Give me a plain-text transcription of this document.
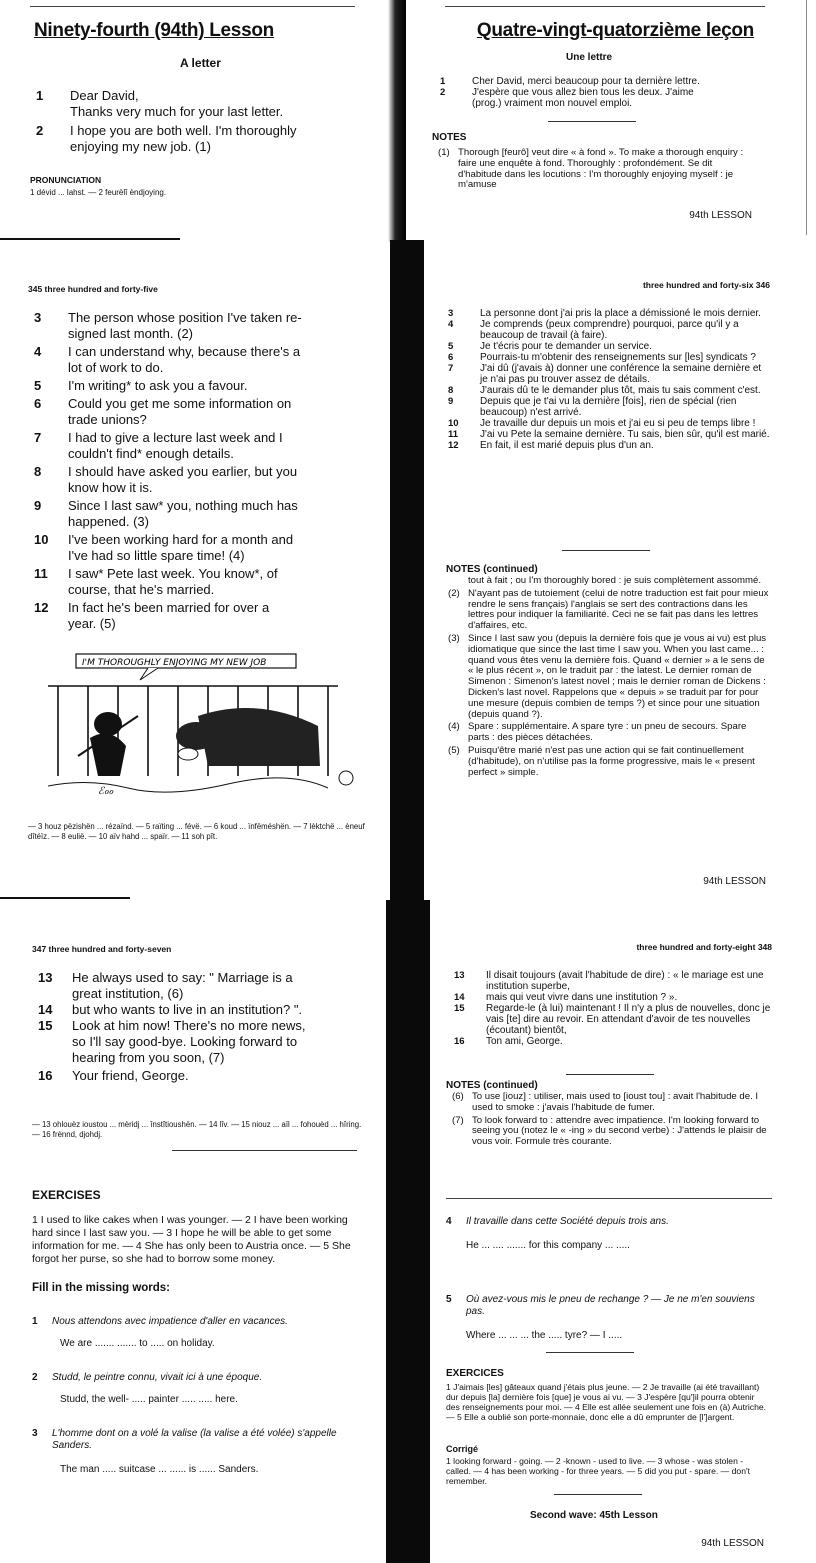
Ninety-fourth (94th) Lesson
A letter
1	Dear David,
Thanks very much for your last letter.
2	I hope you are both well. I'm thoroughly
enjoying my new job. (1)
PRONUNCIATION
1 dévid ... lahst. — 2 feurèlî èndjoying.
Quatre-vingt-quatorzième leçon
Une lettre
1	Cher David, merci beaucoup pour ta dernière lettre.
2	J'espère que vous allez bien tous les deux. J'aime
(prog.) vraiment mon nouvel emploi.
NOTES
(1) Thorough [feurô] veut dire « à fond ». To make a thorough enquiry : faire une enquête à fond. Thoroughly : profondément. Se dit d'habitude dans les locutions : I'm thoroughly enjoying myself : je m'amuse
94th LESSON
345 three hundred and forty-five
3	The person whose position I've taken re-
signed last month. (2)
4	I can understand why, because there's a
lot of work to do.
5	I'm writing* to ask you a favour.
6	Could you get me some information on
trade unions?
7	I had to give a lecture last week and I
couldn't find* enough details.
8	I should have asked you earlier, but you
know how it is.
9	Since I last saw* you, nothing much has
happened. (3)
10	I've been working hard for a month and
I've had so little spare time! (4)
11	I saw* Pete last week. You know*, of
course, that he's married.
12	In fact he's been married for over a
year. (5)
I'M THOROUGHLY ENJOYING MY NEW JOB
ℰℴℴ
— 3 houz pëzishën ... rézaïnd. — 5 raïting ... févë. — 6 koud ... ïnfëméshën. — 7 lèktchë ... èneuf dîtéïz. — 8 eulië. — 10 aïv hahd ... spaïr. — 11 soh pît.
three hundred and forty-six 346
3	La personne dont j'ai pris la place a démissioné le mois dernier.
4	Je comprends (peux comprendre) pourquoi, parce qu'il y a beaucoup de travail (à faire).
5	Je t'écris pour te demander un service.
6	Pourrais-tu m'obtenir des renseignements sur [les] syndicats ?
7	J'ai dû (j'avais à) donner une conférence la semaine dernière et je n'ai pas pu trouver assez de détails.
8	J'aurais dû te le demander plus tôt, mais tu sais comment c'est.
9	Depuis que je t'ai vu la dernière [fois], rien de spécial (rien beaucoup) n'est arrivé.
10	Je travaille dur depuis un mois et j'ai eu si peu de temps libre !
11	J'ai vu Pete la semaine dernière. Tu sais, bien sûr, qu'il est marié.
12	En fait, il est marié depuis plus d'un an.
NOTES (continued)
tout à fait ; ou I'm thoroughly bored : je suis complètement assommé.
(2) N'ayant pas de tutoiement (celui de notre traduction est fait pour mieux rendre le sens français) l'anglais se sert des contractions dans les lettres pour indiquer la familiarité. Ceci ne se fait pas dans les lettres d'affaires, etc.
(3) Since I last saw you (depuis la dernière fois que je vous ai vu) est plus idiomatique que since the last time I saw you. When you last came... : quand vous êtes venu la dernière fois. Quand « dernier » a le sens de « le plus récent », on le traduit par : the latest. Le dernier roman de Simenon : Simenon's latest novel ; mais le dernier roman de Dickens : Dicken's last novel. Rappelons que « depuis » se traduit par for pour une mesure (depuis combien de temps ?) et since pour une situation (depuis quand ?).
(4) Spare : supplémentaire. A spare tyre : un pneu de secours. Spare parts : des pièces détachées.
(5) Puisqu'être marié n'est pas une action qui se fait continuellement (d'habitude), on n'utilise pas la forme progressive, mais le « present perfect » simple.
94th LESSON
347 three hundred and forty-seven
13	He always used to say: " Marriage is a
great institution, (6)
14	but who wants to live in an institution? ".
15	Look at him now! There's no more news,
so I'll say good-bye. Looking forward to
hearing from you soon, (7)
16	Your friend, George.
— 13 ohlouèz ioustou ... mèridj ... înstîtioushën. — 14 lîv. — 15 niouz ... aïl ... fohouèd ... hîring. — 16 frènnd, djohdj.
EXERCISES
1 I used to like cakes when I was younger. — 2 I have been working hard since I last saw you. — 3 I hope he will be able to get some information for me. — 4 She has only been to Austria once. — 5 She forgot her purse, so she had to borrow some money.
Fill in the missing words:
1	Nous attendons avec impatience d'aller en vacances.
We are ....... ....... to ..... on holiday.
2	Studd, le peintre connu, vivait ici à une époque.
Studd, the well- ..... painter ..... ..... here.
3	L'homme dont on a volé la valise (la valise a été volée) s'appelle Sanders.
The man ..... suitcase ... ...... is ...... Sanders.
three hundred and forty-eight 348
13	Il disait toujours (avait l'habitude de dire) : « le mariage est une institution superbe,
14	mais qui veut vivre dans une institution ? ».
15	Regarde-le (à lui) maintenant ! Il n'y a plus de nouvelles, donc je vais [te] dire au revoir. En attendant d'avoir de tes nouvelles (écoutant) bientôt,
16	Ton ami, George.
NOTES (continued)
(6) To use [iouz] : utiliser, mais used to [ioust tou] : avait l'habitude de. I used to smoke : j'avais l'habitude de fumer.
(7) To look forward to : attendre avec impatience. I'm looking forward to seeing you (notez le « -ing » du second verbe) : J'attends le plaisir de vous voir. Formule très courante.
4	Il travaille dans cette Société depuis trois ans.
He ... .... ....... for this company ... .....
5	Où avez-vous mis le pneu de rechange ? — Je ne m'en souviens pas.
Where ... ... ... the ..... tyre? — I .....
EXERCICES
1 J'aimais [les] gâteaux quand j'étais plus jeune. — 2 Je travaille (ai été travaillant) dur depuis [la] dernière fois [que] je vous ai vu. — 3 J'espère [qu']il pourra obtenir des renseignements pour moi. — 4 Elle est allée seulement une fois en (à) Autriche. — 5 Elle a oublié son porte-monnaie, donc elle a dû emprunter de [l']argent.
Corrigé
1 looking forward - going. — 2 -known - used to live. — 3 whose - was stolen - called. — 4 has been working - for three years. — 5 did you put - spare. — don't remember.
Second wave: 45th Lesson
94th LESSON
